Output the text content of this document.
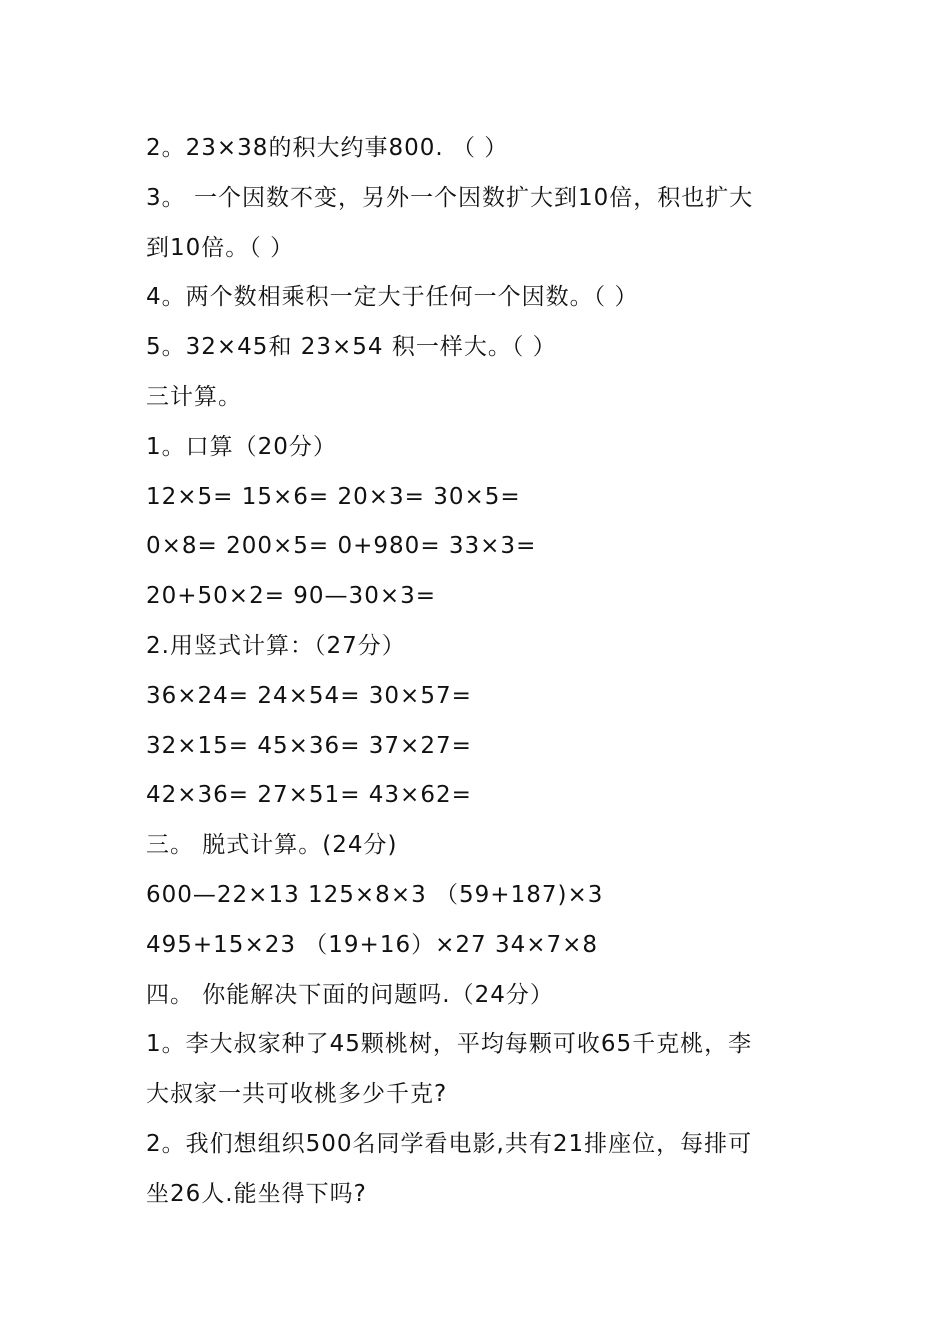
2。23×38的积大约事800. （ ）
3。 一个因数不变，另外一个因数扩大到10倍，积也扩大
到10倍。（ ）
4。两个数相乘积一定大于任何一个因数。（ ）
5。32×45和 23×54 积一样大。（ ）
三计算。
1。口算（20分）
12×5= 15×6= 20×3= 30×5=
0×8= 200×5= 0+980= 33×3=
20+50×2= 90—30×3=
2.用竖式计算：（27分）
36×24= 24×54= 30×57=
32×15= 45×36= 37×27=
42×36= 27×51= 43×62=
三。 脱式计算。(24分)
600—22×13 125×8×3 （59+187)×3
495+15×23 （19+16）×27 34×7×8
四。 你能解决下面的问题吗.（24分）
1。李大叔家种了45颗桃树，平均每颗可收65千克桃，李
大叔家一共可收桃多少千克?
2。我们想组织500名同学看电影,共有21排座位，每排可
坐26人.能坐得下吗?
